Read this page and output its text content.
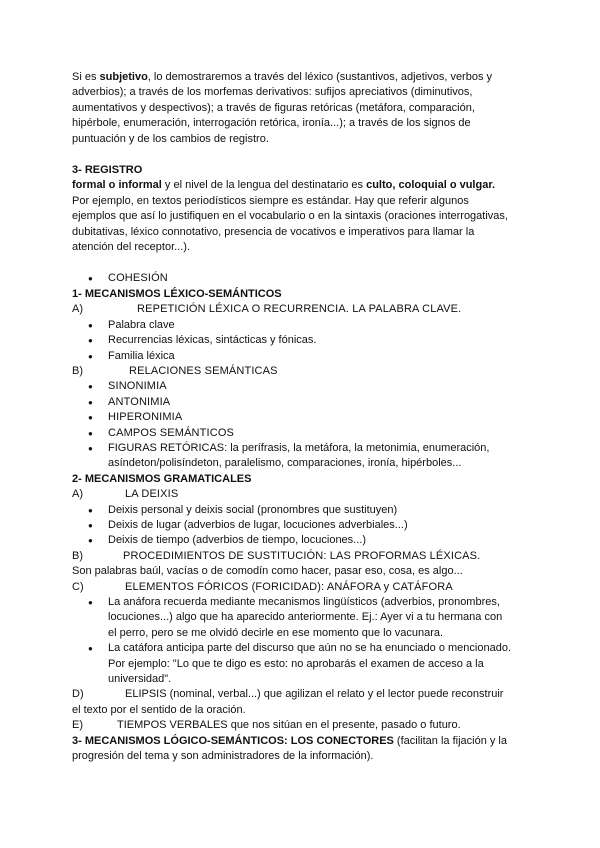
Si es subjetivo, lo demostraremos a través del léxico (sustantivos, adjetivos, verbos y adverbios); a través de los morfemas derivativos: sufijos apreciativos (diminutivos, aumentativos y despectivos); a través de figuras retóricas (metáfora, comparación, hipérbole, enumeración, interrogación retórica, ironía...); a través de los signos de puntuación y de los cambios de registro.

3- REGISTRO

formal o informal y el nivel de la lengua del destinatario es culto, coloquial o vulgar. Por ejemplo, en textos periodísticos siempre es estándar. Hay que referir algunos ejemplos que así lo justifiquen en el vocabulario o en la sintaxis (oraciones interrogativas, dubitativas, léxico connotativo, presencia de vocativos e imperativos para llamar la atención del receptor...).

● COHESIÓN

1- MECANISMOS LÉXICO-SEMÁNTICOS

A)	REPETICIÓN LÉXICA O RECURRENCIA. LA PALABRA CLAVE.

● Palabra clave

● Recurrencias léxicas, sintácticas y fónicas.

● Familia léxica

B)	RELACIONES SEMÁNTICAS

● SINONIMIA

● ANTONIMIA

● HIPERONIMIA

● CAMPOS SEMÁNTICOS

● FIGURAS RETÓRICAS: la perífrasis, la metáfora, la metonimia, enumeración, asíndeton/polisíndeton, paralelismo, comparaciones, ironía, hipérboles...

2- MECANISMOS GRAMATICALES

A)	LA DEIXIS

● Deixis personal y deixis social (pronombres que sustituyen)

● Deixis de lugar (adverbios de lugar, locuciones adverbiales...)

● Deixis de tiempo (adverbios de tiempo, locuciones...)

B)	PROCEDIMIENTOS DE SUSTITUCIÓN: LAS PROFORMAS LÉXICAS.

Son palabras baúl, vacías o de comodín como hacer, pasar eso, cosa, es algo...

C)	ELEMENTOS FÓRICOS (FORICIDAD): ANÁFORA y CATÁFORA

● La anáfora recuerda mediante mecanismos lingüísticos (adverbios, pronombres, locuciones...) algo que ha aparecido anteriormente. Ej.: Ayer vi a tu hermana con el perro, pero se me olvidó decirle en ese momento que lo vacunara.

● La catáfora anticipa parte del discurso que aún no se ha enunciado o mencionado. Por ejemplo: "Lo que te digo es esto: no aprobarás el examen de acceso a la universidad".

D)	ELIPSIS (nominal, verbal...) que agilizan el relato y el lector puede reconstruir el texto por el sentido de la oración.

E)	TIEMPOS VERBALES que nos sitúan en el presente, pasado o futuro.

3- MECANISMOS LÓGICO-SEMÁNTICOS: LOS CONECTORES (facilitan la fijación y la progresión del tema y son administradores de la información).
